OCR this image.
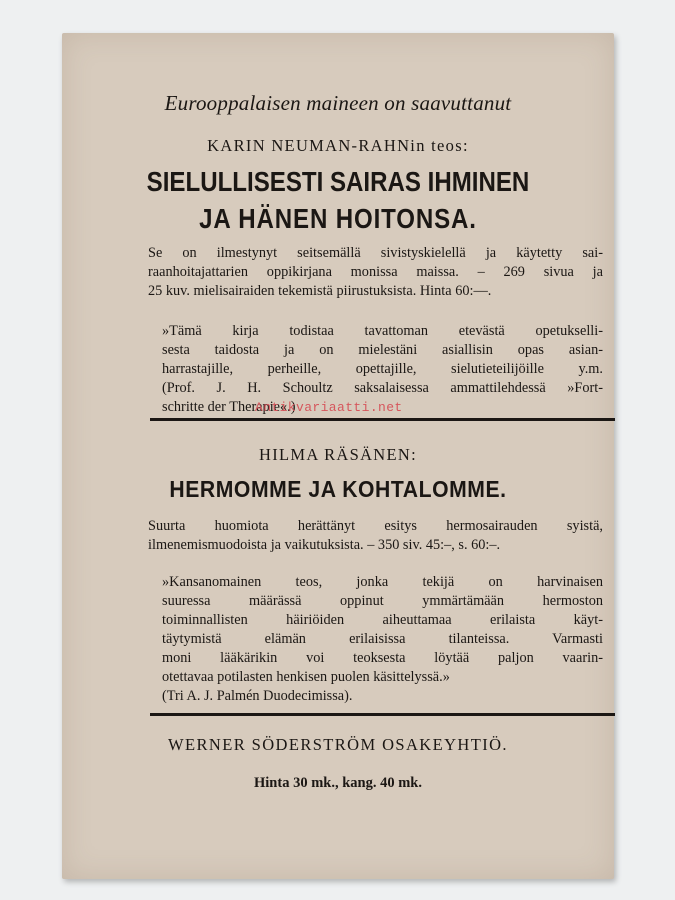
Eurooppalaisen maineen on saavuttanut
KARIN NEUMAN-RAHNin teos:
SIELULLISESTI SAIRAS IHMINEN
JA HÄNEN HOITONSA.
Se on ilmestynyt seitsemällä sivistyskielellä ja käytetty sai-
raanhoitajattarien oppikirjana monissa maissa. – 269 sivua ja
25 kuv. mielisairaiden tekemistä piirustuksista. Hinta 60:—.
»Tämä kirja todistaa tavattoman etevästä opetukselli-
sesta taidosta ja on mielestäni asiallisin opas asian-
harrastajille, perheille, opettajille, sielutieteilijöille y.m.
(Prof. J. H. Schoultz saksalaisessa ammattilehdessä »Fort-
schritte der Therapie«.)
Antikvariaatti.net
HILMA RÄSÄNEN:
HERMOMME JA KOHTALOMME.
Suurta huomiota herättänyt esitys hermosairauden syistä,
ilmenemismuodoista ja vaikutuksista. – 350 siv. 45:–, s. 60:–.
»Kansanomainen teos, jonka tekijä on harvinaisen
suuressa määrässä oppinut ymmärtämään hermoston
toiminnallisten häiriöiden aiheuttamaa erilaista käyt-
täytymistä elämän erilaisissa tilanteissa. Varmasti
moni lääkärikin voi teoksesta löytää paljon vaarin-
otettavaa potilasten henkisen puolen käsittelyssä.»
(Tri A. J. Palmén Duodecimissa).
WERNER SÖDERSTRÖM OSAKEYHTIÖ.
Hinta 30 mk., kang. 40 mk.
